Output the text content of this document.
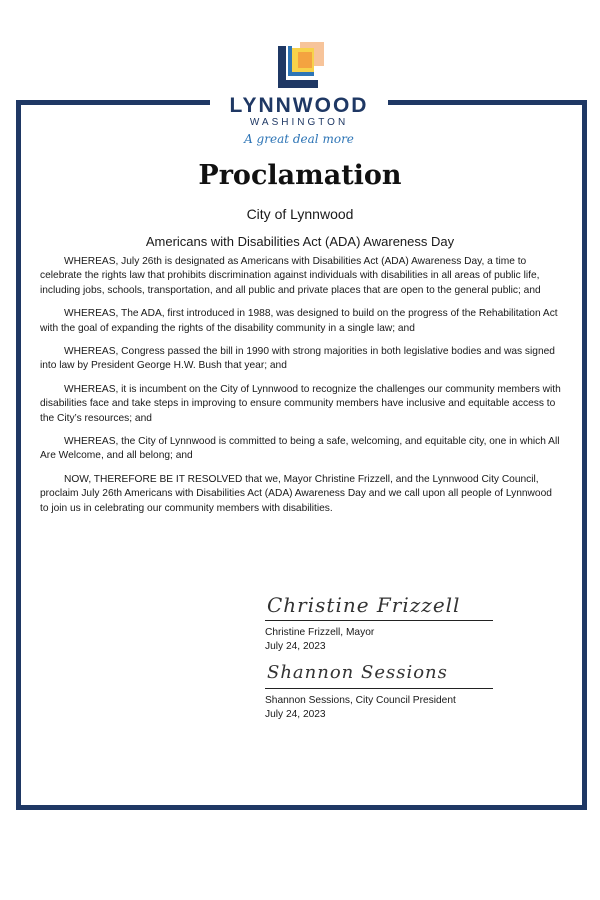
LYNNWOOD
WASHINGTON
A great deal more
Proclamation
City of Lynnwood
Americans with Disabilities Act (ADA) Awareness Day

WHEREAS, July 26th is designated as Americans with Disabilities Act (ADA) Awareness Day, a time to celebrate the rights law that prohibits discrimination against individuals with disabilities in all areas of public life, including jobs, schools, transportation, and all public and private places that are open to the general public; and

WHEREAS, The ADA, first introduced in 1988, was designed to build on the progress of the Rehabilitation Act with the goal of expanding the rights of the disability community in a single law; and

WHEREAS, Congress passed the bill in 1990 with strong majorities in both legislative bodies and was signed into law by President George H.W. Bush that year; and

WHEREAS, it is incumbent on the City of Lynnwood to recognize the challenges our community members with disabilities face and take steps in improving to ensure community members have inclusive and equitable access to the City’s resources; and

WHEREAS, the City of Lynnwood is committed to being a safe, welcoming, and equitable city, one in which All Are Welcome, and all belong; and

NOW, THEREFORE BE IT RESOLVED that we, Mayor Christine Frizzell, and the Lynnwood City Council, proclaim July 26th Americans with Disabilities Act (ADA) Awareness Day and we call upon all people of Lynnwood to join us in celebrating our community members with disabilities.

Christine Frizzell
Christine Frizzell, Mayor
July 24, 2023
Shannon Sessions
Shannon Sessions, City Council President
July 24, 2023
